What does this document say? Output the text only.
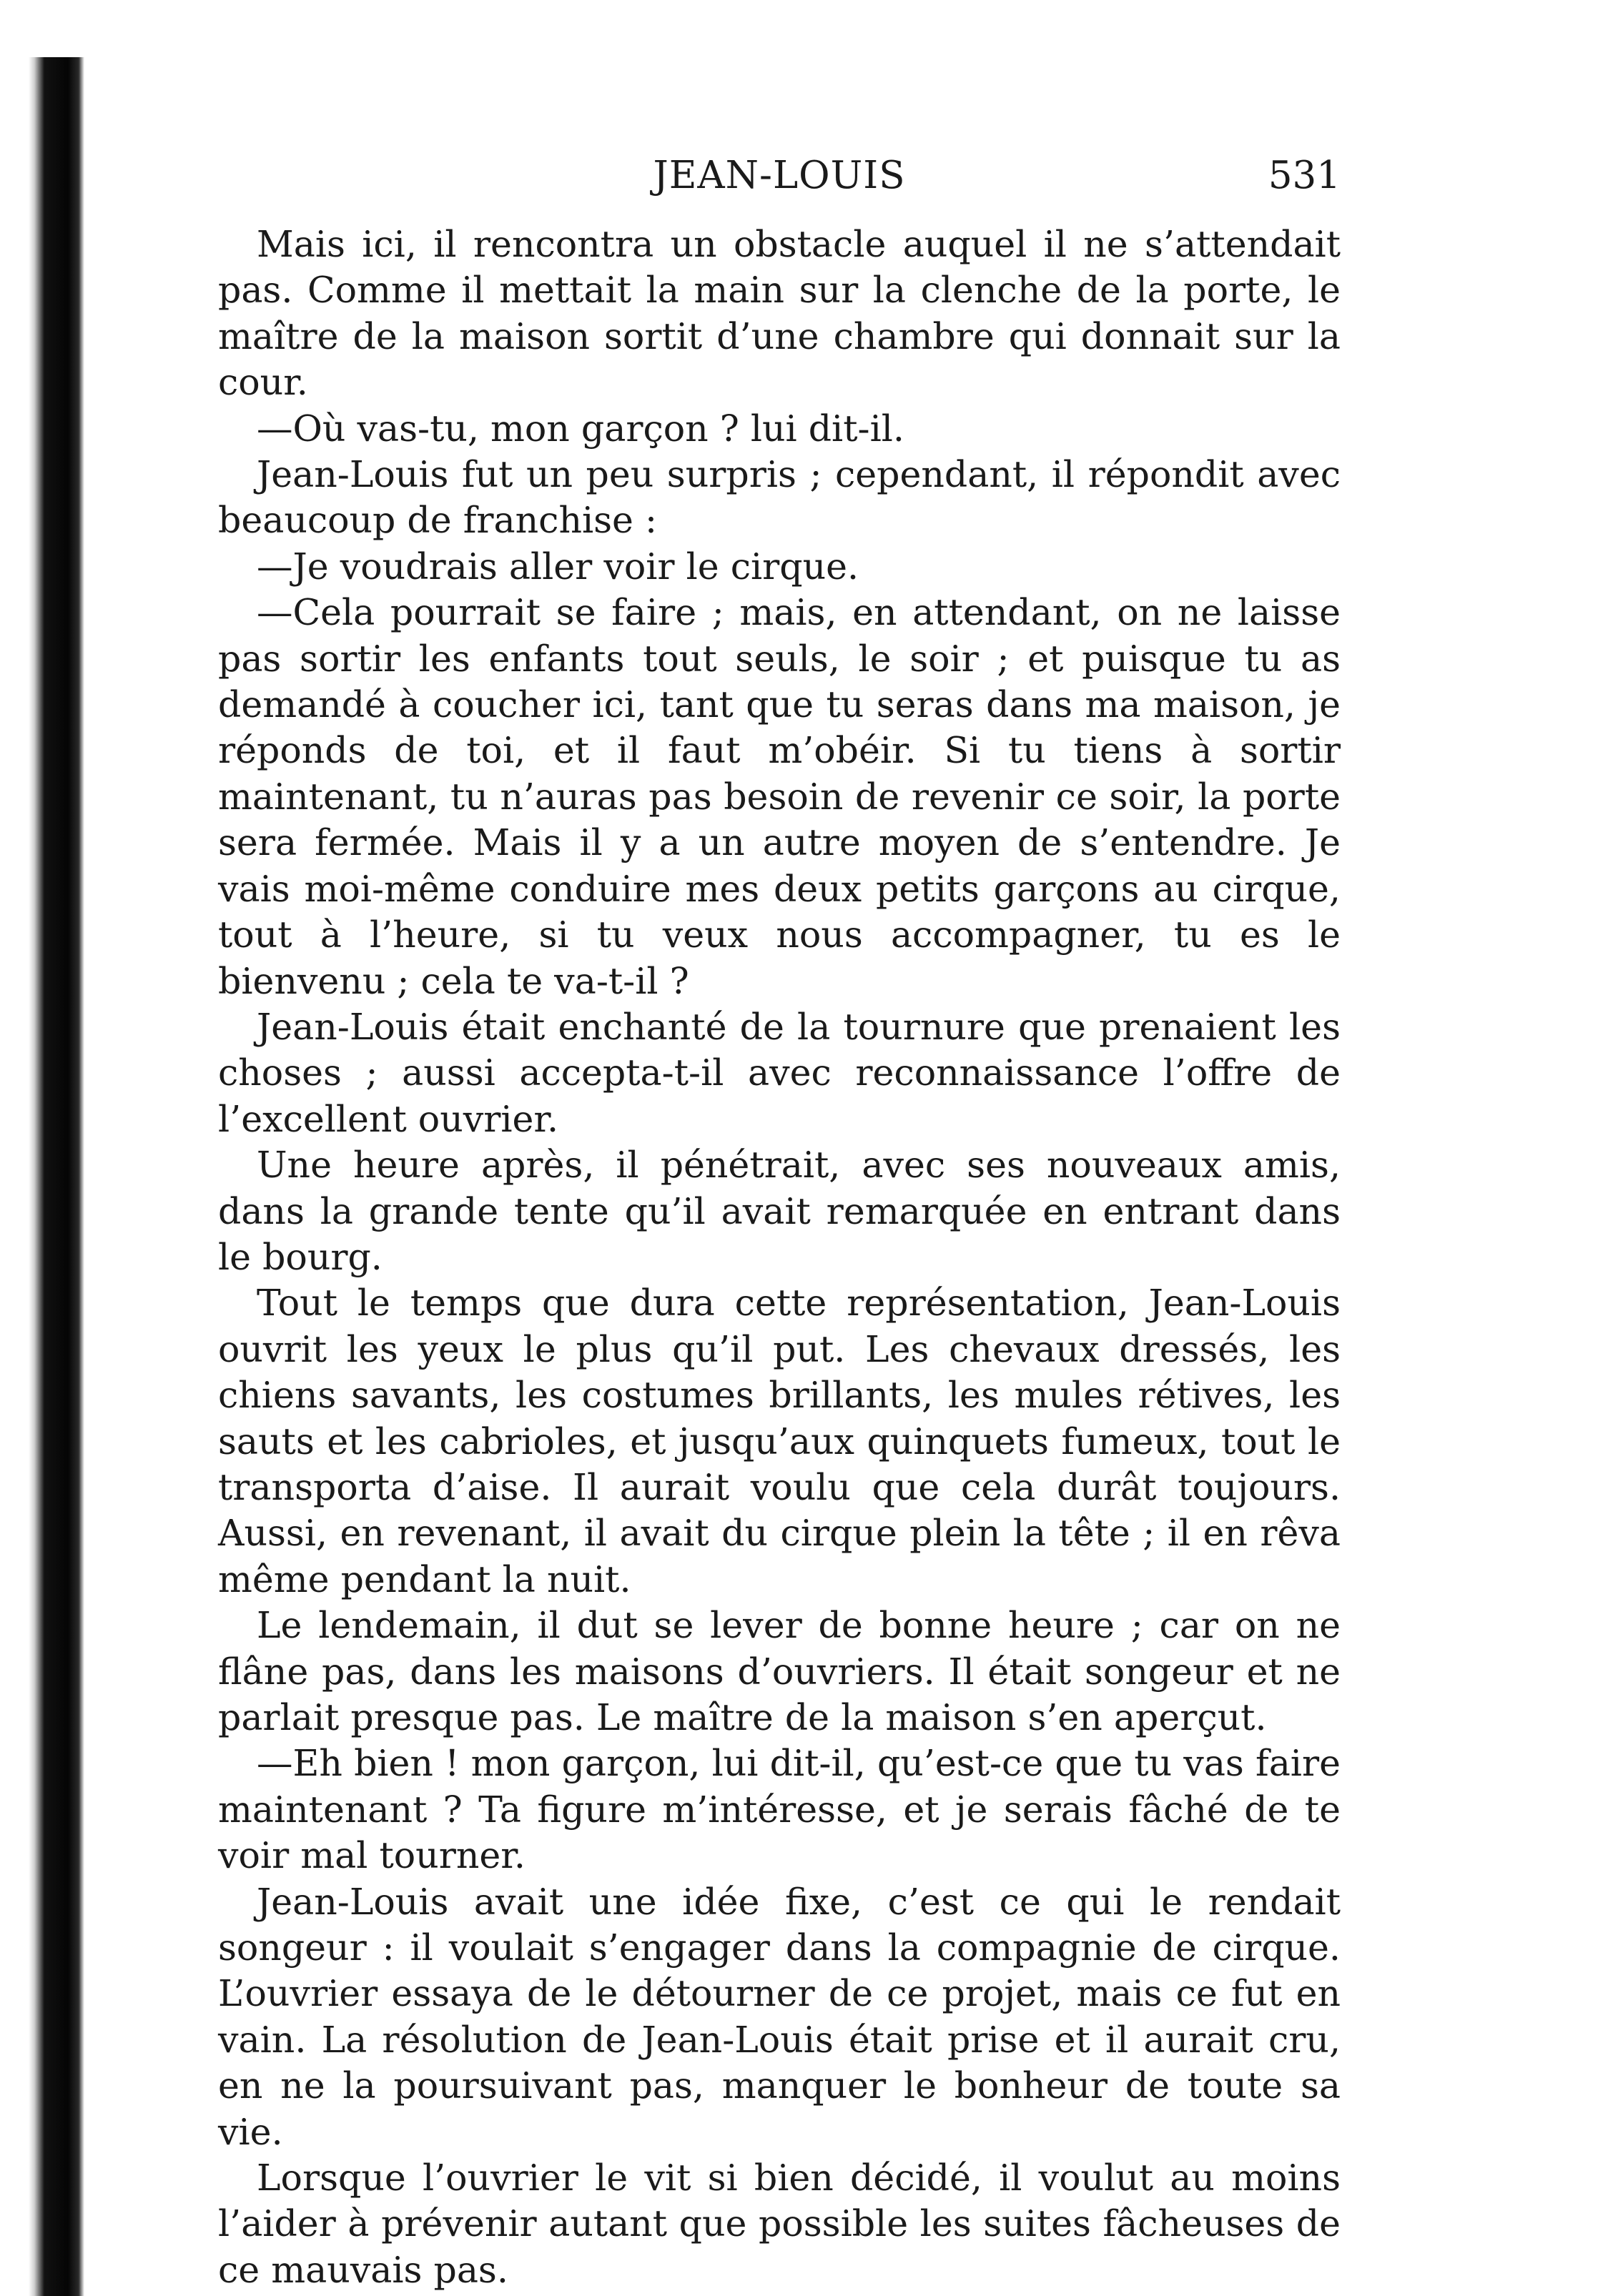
JEAN-LOUIS	531

Mais ici, il rencontra un obstacle auquel il ne s’attendait pas. Comme il mettait la main sur la clenche de la porte, le maître de la maison sortit d’une chambre qui donnait sur la cour.

—Où vas-tu, mon garçon ? lui dit-il.

Jean-Louis fut un peu surpris ; cependant, il répondit avec beaucoup de franchise :

—Je voudrais aller voir le cirque.

—Cela pourrait se faire ; mais, en attendant, on ne laisse pas sortir les enfants tout seuls, le soir ; et puisque tu as demandé à coucher ici, tant que tu seras dans ma maison, je réponds de toi, et il faut m’obéir. Si tu tiens à sortir maintenant, tu n’auras pas besoin de revenir ce soir, la porte sera fermée. Mais il y a un autre moyen de s’entendre. Je vais moi-même conduire mes deux petits garçons au cirque, tout à l’heure, si tu veux nous accompagner, tu es le bienvenu ; cela te va-t-il ?

Jean-Louis était enchanté de la tournure que prenaient les choses ; aussi accepta-t-il avec reconnaissance l’offre de l’excellent ouvrier.

Une heure après, il pénétrait, avec ses nouveaux amis, dans la grande tente qu’il avait remarquée en entrant dans le bourg.

Tout le temps que dura cette représentation, Jean-Louis ouvrit les yeux le plus qu’il put. Les chevaux dressés, les chiens savants, les costumes brillants, les mules rétives, les sauts et les cabrioles, et jusqu’aux quinquets fumeux, tout le transporta d’aise. Il aurait voulu que cela durât toujours. Aussi, en revenant, il avait du cirque plein la tête ; il en rêva même pendant la nuit.

Le lendemain, il dut se lever de bonne heure ; car on ne flâne pas, dans les maisons d’ouvriers. Il était songeur et ne parlait presque pas. Le maître de la maison s’en aperçut.

—Eh bien ! mon garçon, lui dit-il, qu’est-ce que tu vas faire maintenant ? Ta figure m’intéresse, et je serais fâché de te voir mal tourner.

Jean-Louis avait une idée fixe, c’est ce qui le rendait songeur : il voulait s’engager dans la compagnie de cirque. L’ouvrier essaya de le détourner de ce projet, mais ce fut en vain. La résolution de Jean-Louis était prise et il aurait cru, en ne la poursuivant pas, manquer le bonheur de toute sa vie.

Lorsque l’ouvrier le vit si bien décidé, il voulut au moins l’aider à prévenir autant que possible les suites fâcheuses de ce mauvais pas.
